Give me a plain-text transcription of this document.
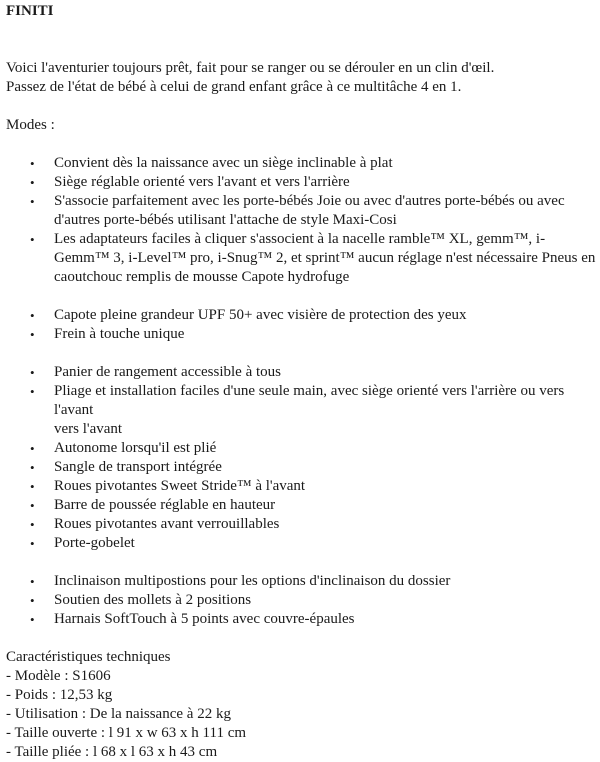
FINITI
Voici l'aventurier toujours prêt, fait pour se ranger ou se dérouler en un clin d'œil.
Passez de l'état de bébé à celui de grand enfant grâce à ce multitâche 4 en 1.
Modes :
• Convient dès la naissance avec un siège inclinable à plat
• Siège réglable orienté vers l'avant et vers l'arrière
• S'associe parfaitement avec les porte-bébés Joie ou avec d'autres porte-bébés ou avec d'autres porte-bébés utilisant l'attache de style Maxi-Cosi
• Les adaptateurs faciles à cliquer s'associent à la nacelle ramble™ XL, gemm™, i-Gemm™ 3, i-Level™ pro, i-Snug™ 2, et sprint™ aucun réglage n'est nécessaire Pneus en caoutchouc remplis de mousse Capote hydrofuge
• Capote pleine grandeur UPF 50+ avec visière de protection des yeux
• Frein à touche unique
• Panier de rangement accessible à tous
• Pliage et installation faciles d'une seule main, avec siège orienté vers l'arrière ou vers l'avant
vers l'avant
• Autonome lorsqu'il est plié
• Sangle de transport intégrée
• Roues pivotantes Sweet Stride™ à l'avant
• Barre de poussée réglable en hauteur
• Roues pivotantes avant verrouillables
• Porte-gobelet
• Inclinaison multipostions pour les options d'inclinaison du dossier
• Soutien des mollets à 2 positions
• Harnais SoftTouch à 5 points avec couvre-épaules
Caractéristiques techniques
- Modèle : S1606
- Poids : 12,53 kg
- Utilisation : De la naissance à 22 kg
- Taille ouverte : l 91 x w 63 x h 111 cm
- Taille pliée : l 68 x l 63 x h 43 cm
